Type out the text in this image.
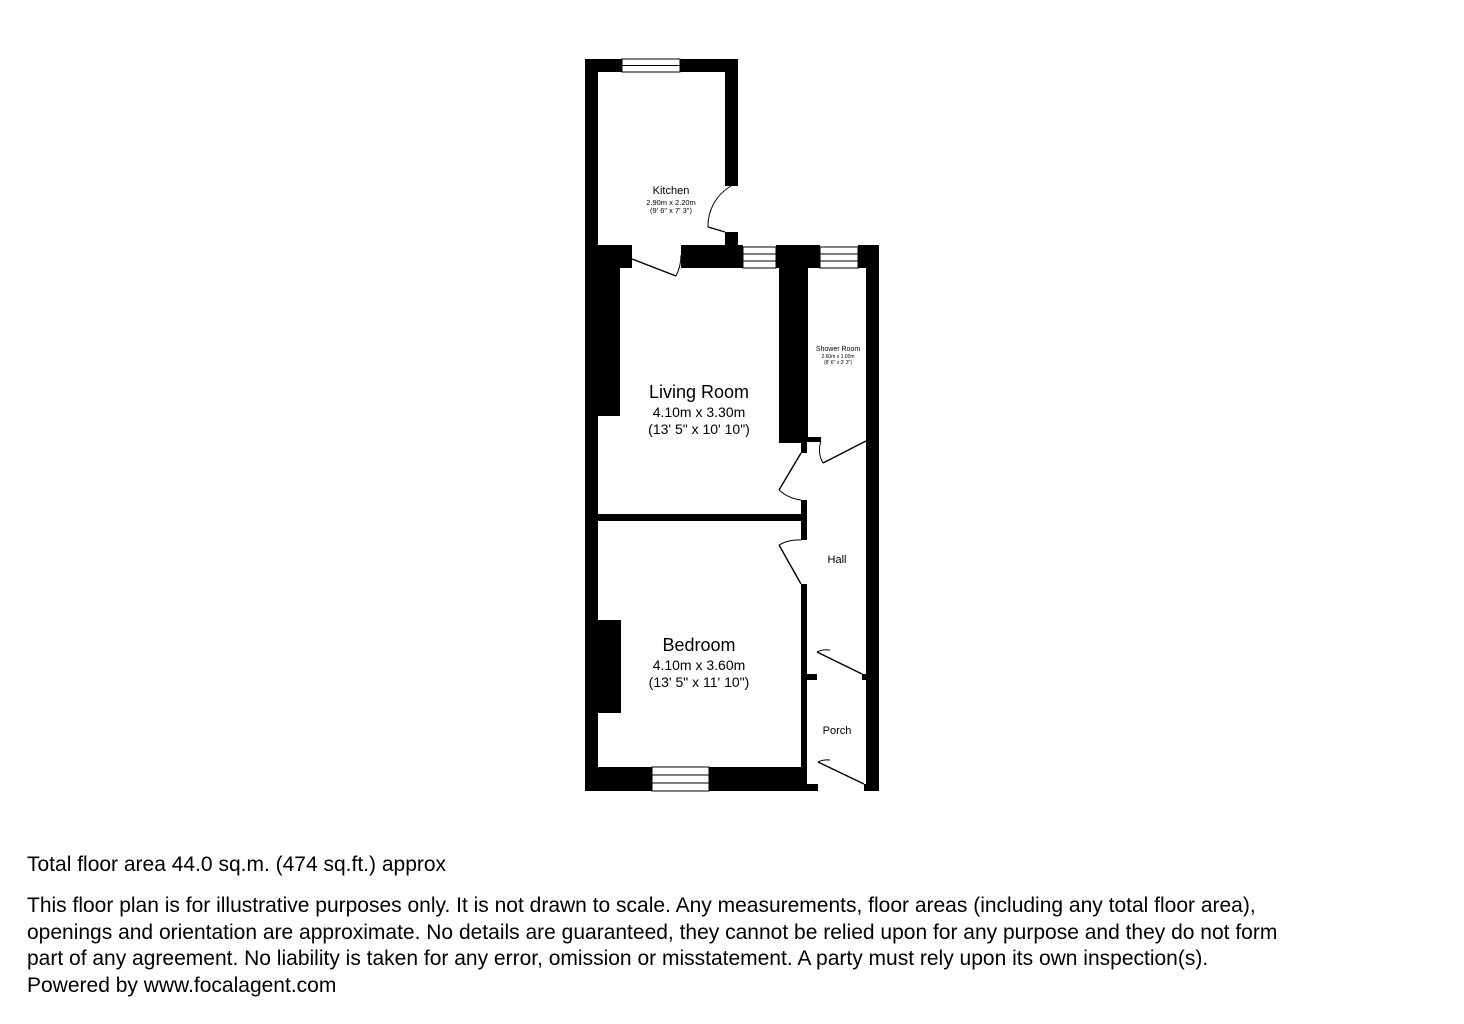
Kitchen
2.90m x 2.20m
(9' 6" x 7' 3")
Living Room
4.10m x 3.30m
(13' 5" x 10' 10")
Shower Room
2.60m x 1.00m
(8' 6" x 3' 3")
Hall
Bedroom
4.10m x 3.60m
(13' 5" x 11' 10")
Porch
Total floor area 44.0 sq.m. (474 sq.ft.) approx
This floor plan is for illustrative purposes only. It is not drawn to scale. Any measurements, floor areas (including any total floor area),
openings and orientation are approximate. No details are guaranteed, they cannot be relied upon for any purpose and they do not form
part of any agreement. No liability is taken for any error, omission or misstatement. A party must rely upon its own inspection(s).
Powered by www.focalagent.com
